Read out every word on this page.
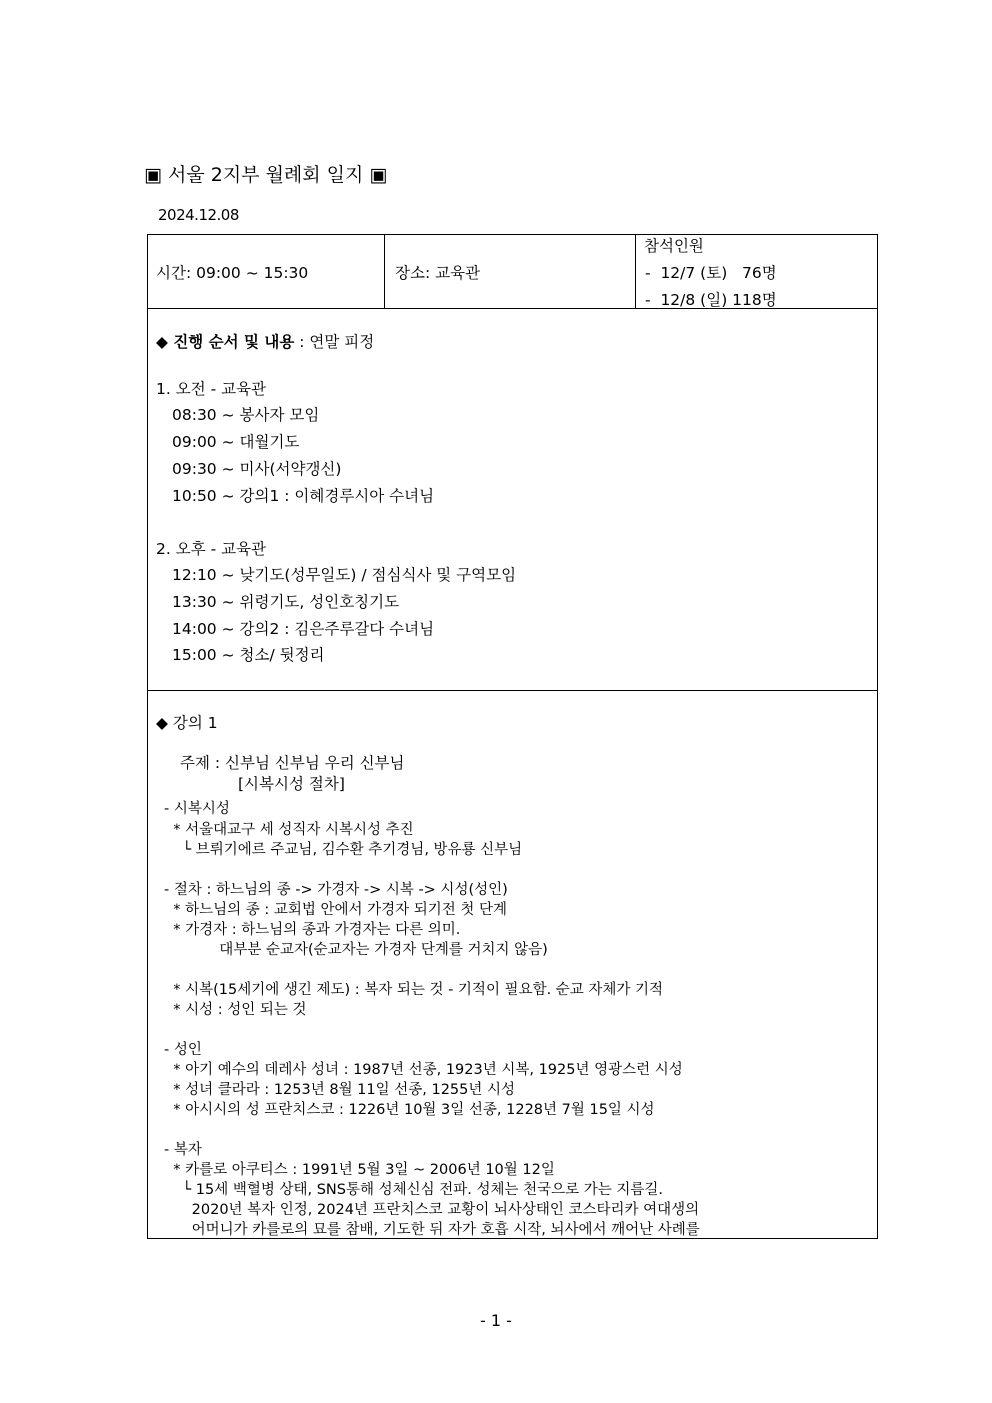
▣ 서울 2지부 월례회 일지 ▣
2024.12.08
시간: 09:00 ~ 15:30	장소: 교육관
참석인원
-  12/7 (토)   76명
-  12/8 (일) 118명
◆ 진행 순서 및 내용 : 연말 피정
1. 오전 - 교육관
08:30 ~ 봉사자 모임
09:00 ~ 대월기도
09:30 ~ 미사(서약갱신)
10:50 ~ 강의1 : 이혜경루시아 수녀님
2. 오후 - 교육관
12:10 ~ 낮기도(성무일도) / 점심식사 및 구역모임
13:30 ~ 위령기도, 성인호칭기도
14:00 ~ 강의2 : 김은주루갈다 수녀님
15:00 ~ 청소/ 뒷정리
◆ 강의 1
주제 : 신부님 신부님 우리 신부님
[시복시성 절차]
- 시복시성
* 서울대교구 세 성직자 시복시성 추진
└ 브뤼기에르 주교님, 김수환 추기경님, 방유룡 신부님
- 절차 : 하느님의 종 -> 가경자 -> 시복 -> 시성(성인)
* 하느님의 종 : 교회법 안에서 가경자 되기전 첫 단계
* 가경자 : 하느님의 종과 가경자는 다른 의미.
대부분 순교자(순교자는 가경자 단계를 거치지 않음)
* 시복(15세기에 생긴 제도) : 복자 되는 것 - 기적이 필요함. 순교 자체가 기적
* 시성 : 성인 되는 것
- 성인
* 아기 예수의 데레사 성녀 : 1987년 선종, 1923년 시복, 1925년 영광스런 시성
* 성녀 클라라 : 1253년 8월 11일 선종, 1255년 시성
* 아시시의 성 프란치스코 : 1226년 10월 3일 선종, 1228년 7월 15일 시성
- 복자
* 카를로 아쿠티스 : 1991년 5월 3일 ~ 2006년 10월 12일
└ 15세 백혈병 상태, SNS통해 성체신심 전파. 성체는 천국으로 가는 지름길.
2020년 복자 인정, 2024년 프란치스코 교황이 뇌사상태인 코스타리카 여대생의
어머니가 카를로의 묘를 참배, 기도한 뒤 자가 호흡 시작, 뇌사에서 깨어난 사례를
- 1 -
